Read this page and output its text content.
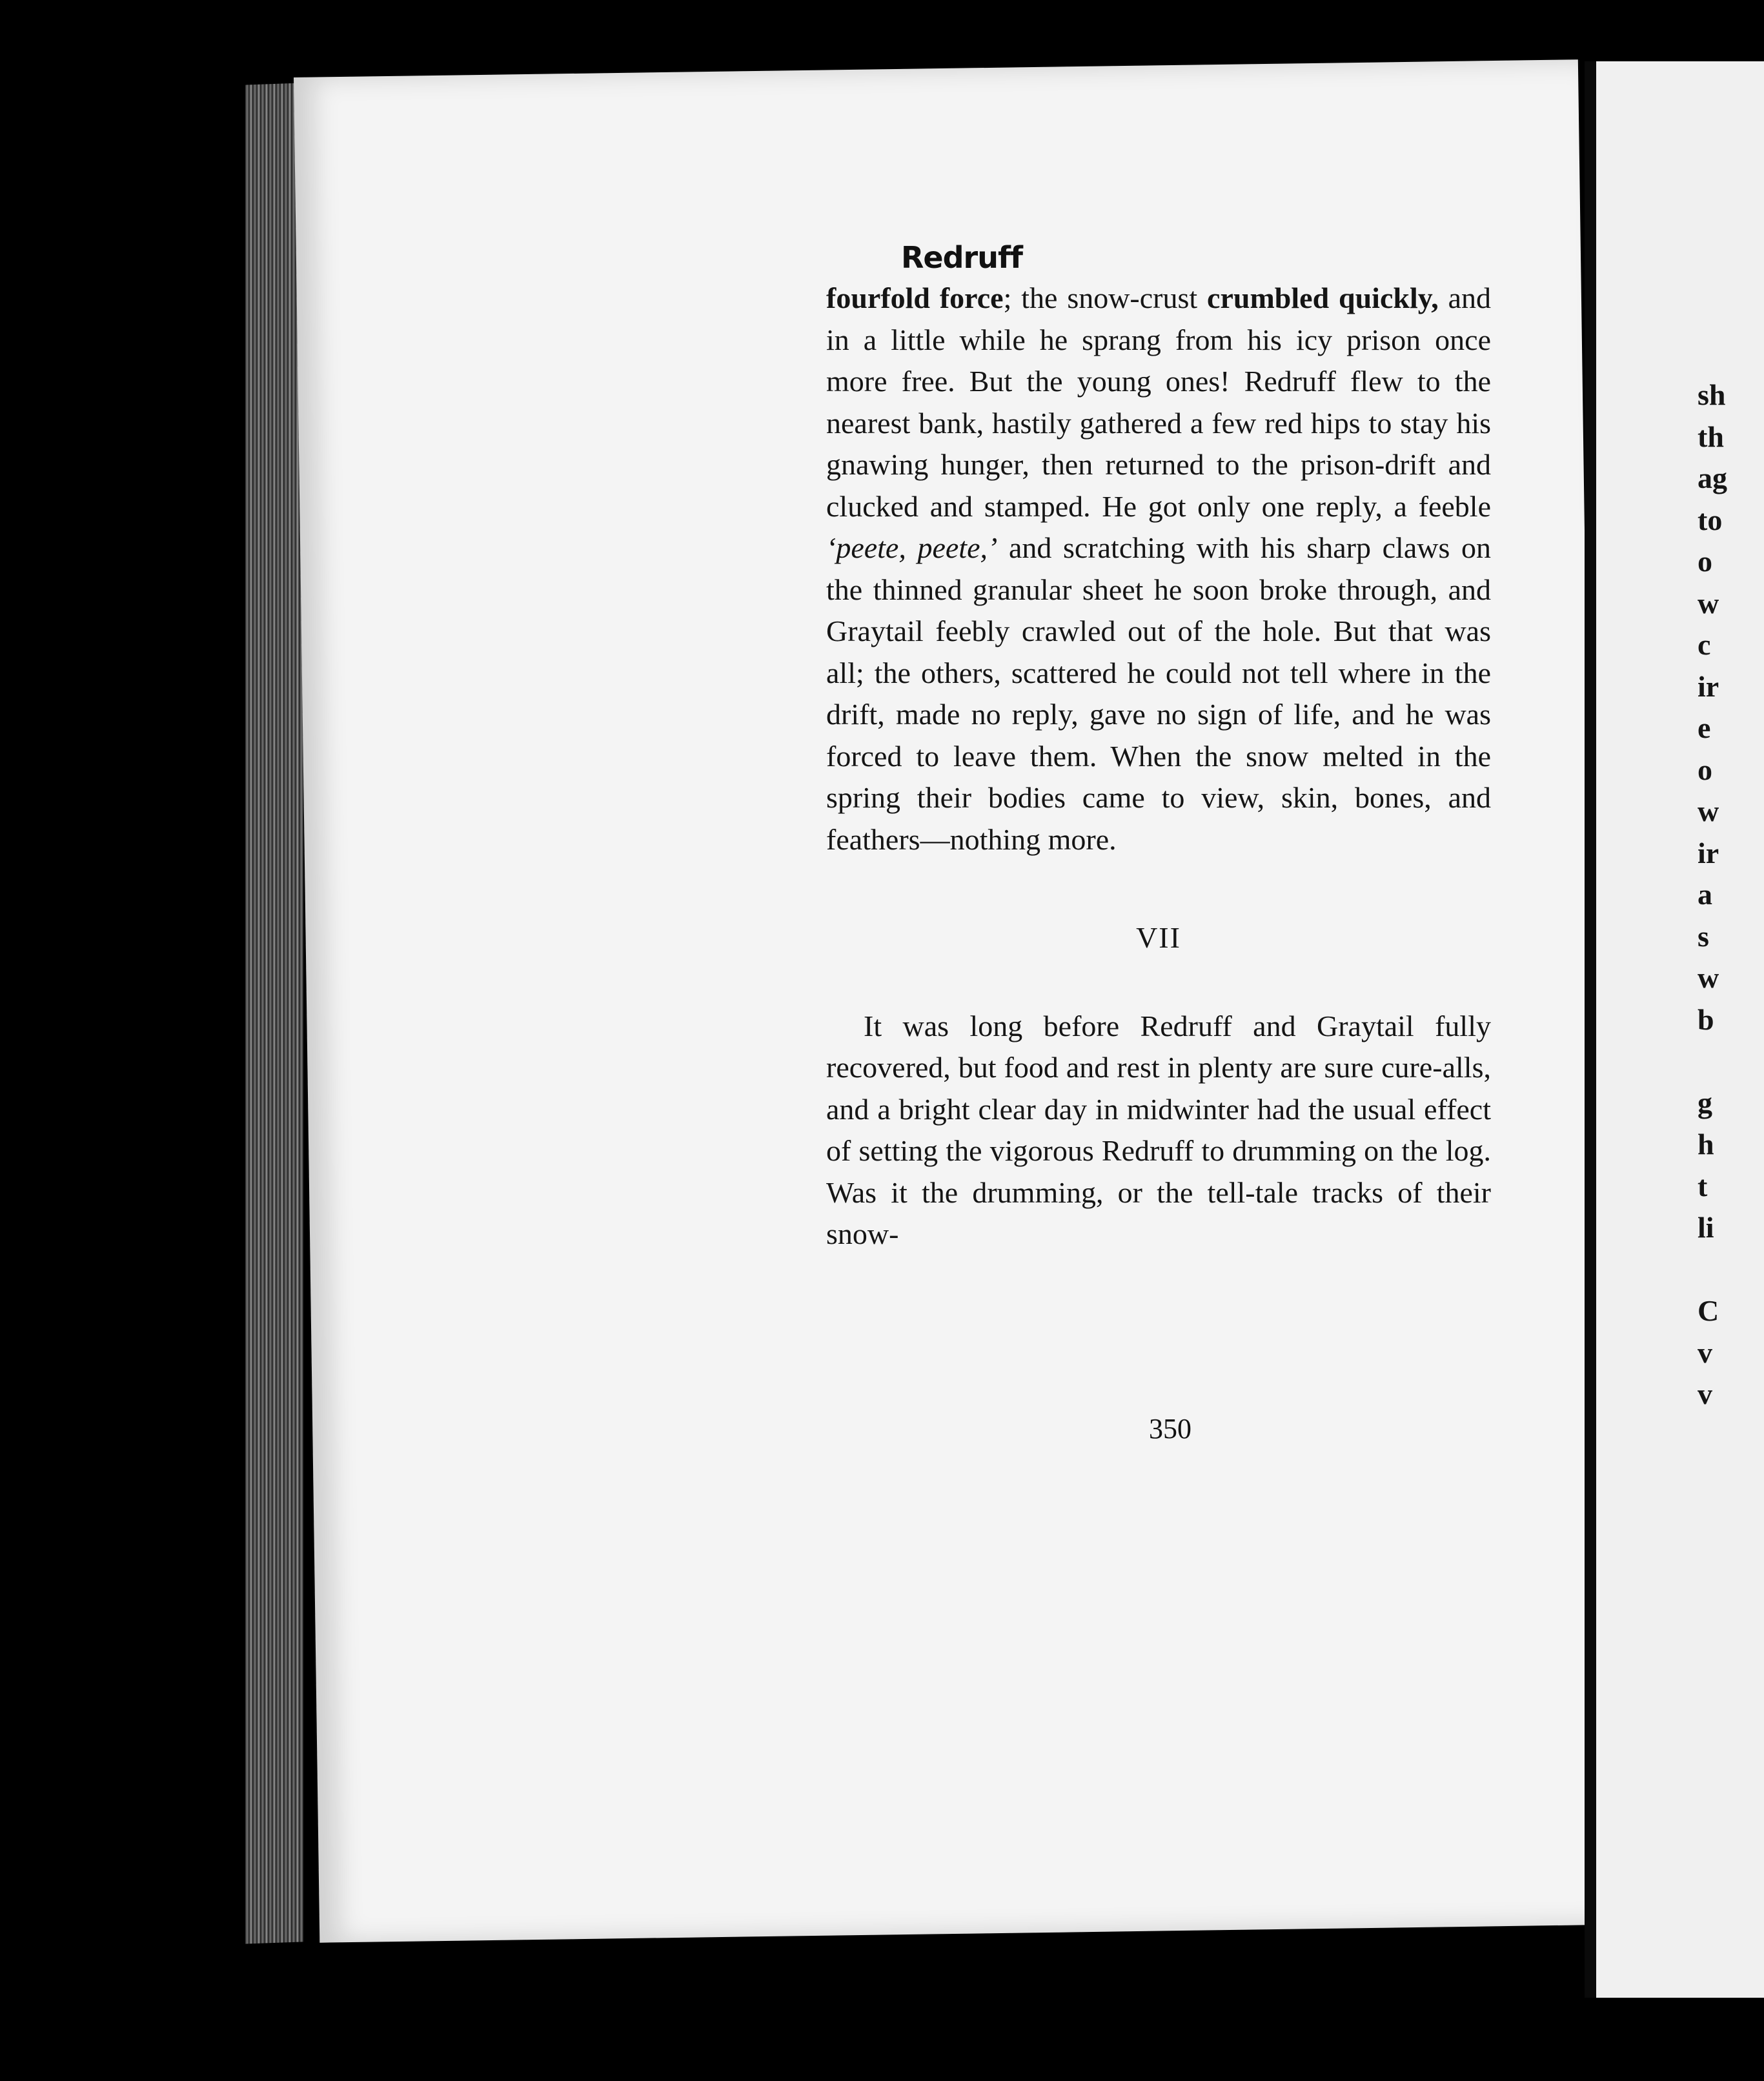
Redruff

fourfold force; the snow-crust crumbled quickly, and in a little while he sprang from his icy prison once more free. But the young ones! Redruff flew to the nearest bank, hastily gathered a few red hips to stay his gnawing hunger, then returned to the prison-drift and clucked and stamped. He got only one reply, a feeble ‘peete, peete,’ and scratching with his sharp claws on the thinned granular sheet he soon broke through, and Graytail feebly crawled out of the hole. But that was all; the others, scattered he could not tell where in the drift, made no reply, gave no sign of life, and he was forced to leave them. When the snow melted in the spring their bodies came to view, skin, bones, and feathers—nothing more.

VII

It was long before Redruff and Graytail fully recovered, but food and rest in plenty are sure cure-alls, and a bright clear day in midwinter had the usual effect of setting the vigorous Redruff to drumming on the log. Was it the drumming, or the tell-tale tracks of their snow-

350
sh
th
ag
to
o
w
c
ir
e
o
w
ir
a
s
w
b
g
h
t
li
C
v
v
